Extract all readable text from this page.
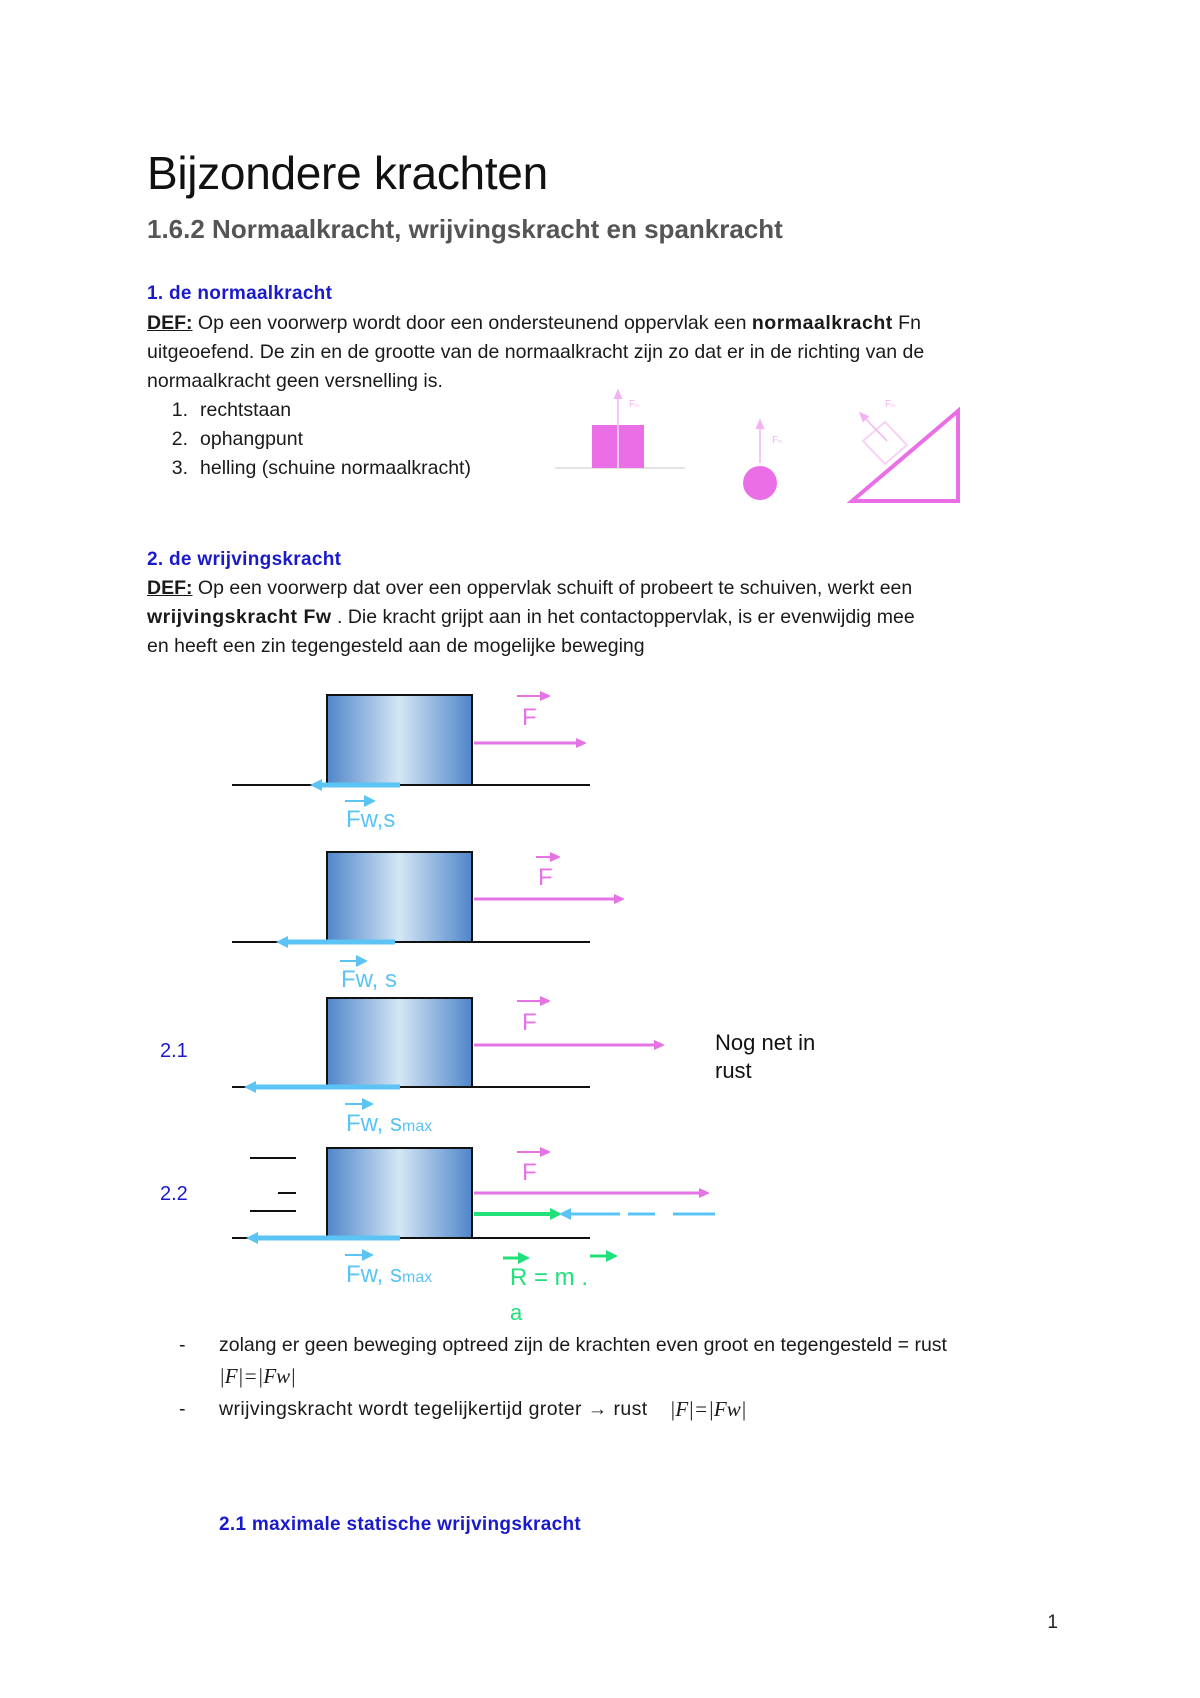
Bijzondere krachten
1.6.2 Normaalkracht, wrijvingskracht en spankracht
1. de normaalkracht

DEF: Op een voorwerp wordt door een ondersteunend oppervlak een normaalkracht Fn

uitgeoefend. De zin en de grootte van de normaalkracht zijn zo dat er in de richting van de

normaalkracht geen versnelling is.

1. rechtstaan
2. ophangpunt
3. helling (schuine normaalkracht)
Fₙ
Fₙ
Fₙ
2. de wrijvingskracht

DEF: Op een voorwerp dat over een oppervlak schuift of probeert te schuiven, werkt een

wrijvingskracht Fw . Die kracht grijpt aan in het contactoppervlak, is er evenwijdig mee

en heeft een zin tegengesteld aan de mogelijke beweging

F
Fw,s
F
Fw, s
F
Fw, smax
2.1	Nog net in
rust
F
Fw, smax
2.2
R = m .
a
-	zolang er geen beweging optreed zijn de krachten even groot en tegengesteld = rust
|F|=|Fw|
-	wrijvingskracht wordt tegelijkertijd groter → rust |F|=|Fw|
2.1 maximale statische wrijvingskracht
1
